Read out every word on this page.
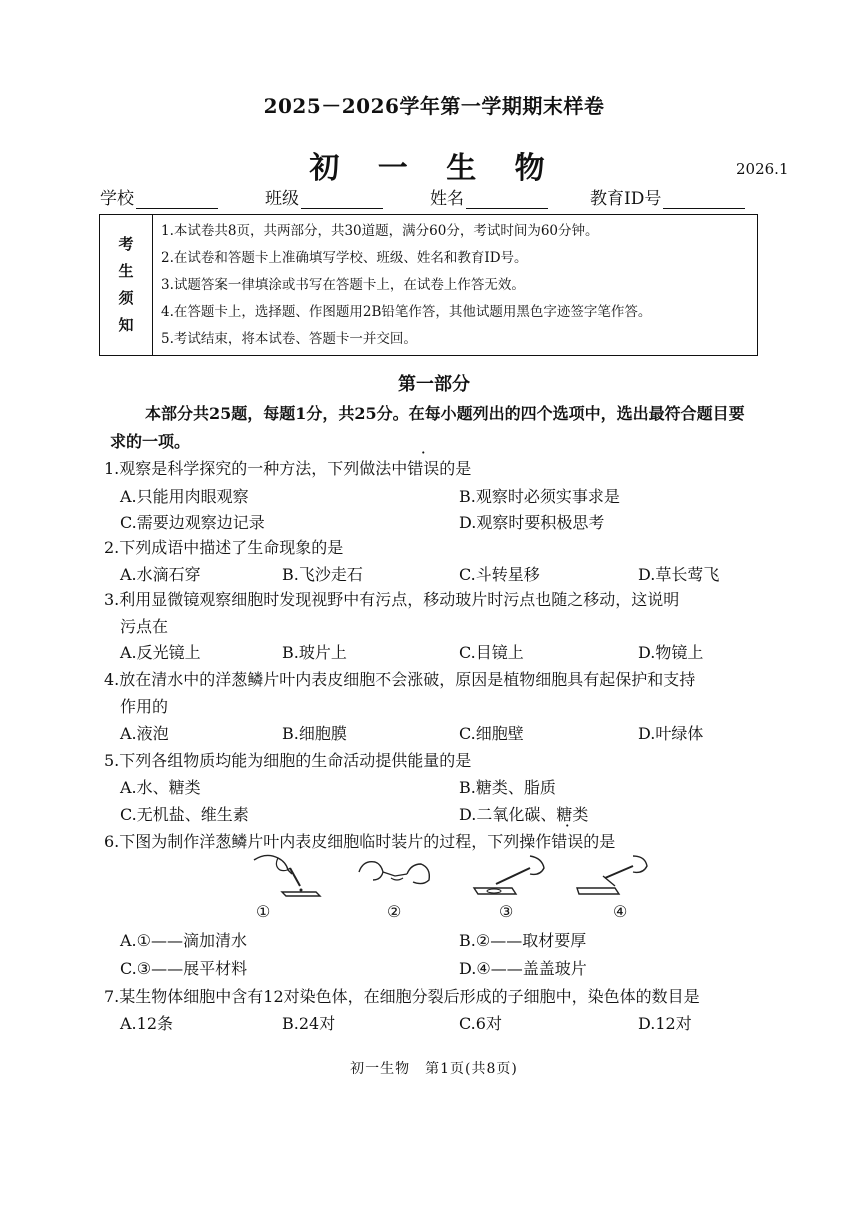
2025－2026学年第一学期期末样卷
初 一 生 物	2026.1
学校	班级	姓名	教育ID号
考
生
须
知
1.本试卷共8页，共两部分，共30道题，满分60分，考试时间为60分钟。
2.在试卷和答题卡上准确填写学校、班级、姓名和教育ID号。
3.试题答案一律填涂或书写在答题卡上，在试卷上作答无效。
4.在答题卡上，选择题、作图题用2B铅笔作答，其他试题用黑色字迹签字笔作答。
5.考试结束，将本试卷、答题卡一并交回。
第一部分
本部分共25题，每题1分，共25分。在每小题列出的四个选项中，选出最符合题目要求的一项。
1.观察是科学探究的一种方法，下列做法中错误的是
A.只能用肉眼观察	B.观察时必须实事求是
C.需要边观察边记录	D.观察时要积极思考
2.下列成语中描述了生命现象的是
A.水滴石穿	B.飞沙走石	C.斗转星移	D.草长莺飞
3.利用显微镜观察细胞时发现视野中有污点，移动玻片时污点也随之移动，这说明
污点在
A.反光镜上	B.玻片上	C.目镜上	D.物镜上
4.放在清水中的洋葱鳞片叶内表皮细胞不会涨破，原因是植物细胞具有起保护和支持
作用的
A.液泡	B.细胞膜	C.细胞壁	D.叶绿体
5.下列各组物质均能为细胞的生命活动提供能量的是
A.水、糖类	B.糖类、脂质
C.无机盐、维生素	D.二氧化碳、糖类
6.下图为制作洋葱鳞片叶内表皮细胞临时装片的过程，下列操作错误的是
①	②	③	④
A.①——滴加清水	B.②——取材要厚
C.③——展平材料	D.④——盖盖玻片
7.某生物体细胞中含有12对染色体，在细胞分裂后形成的子细胞中，染色体的数目是
A.12条	B.24对	C.6对	D.12对
初一生物　第1页(共8页)
